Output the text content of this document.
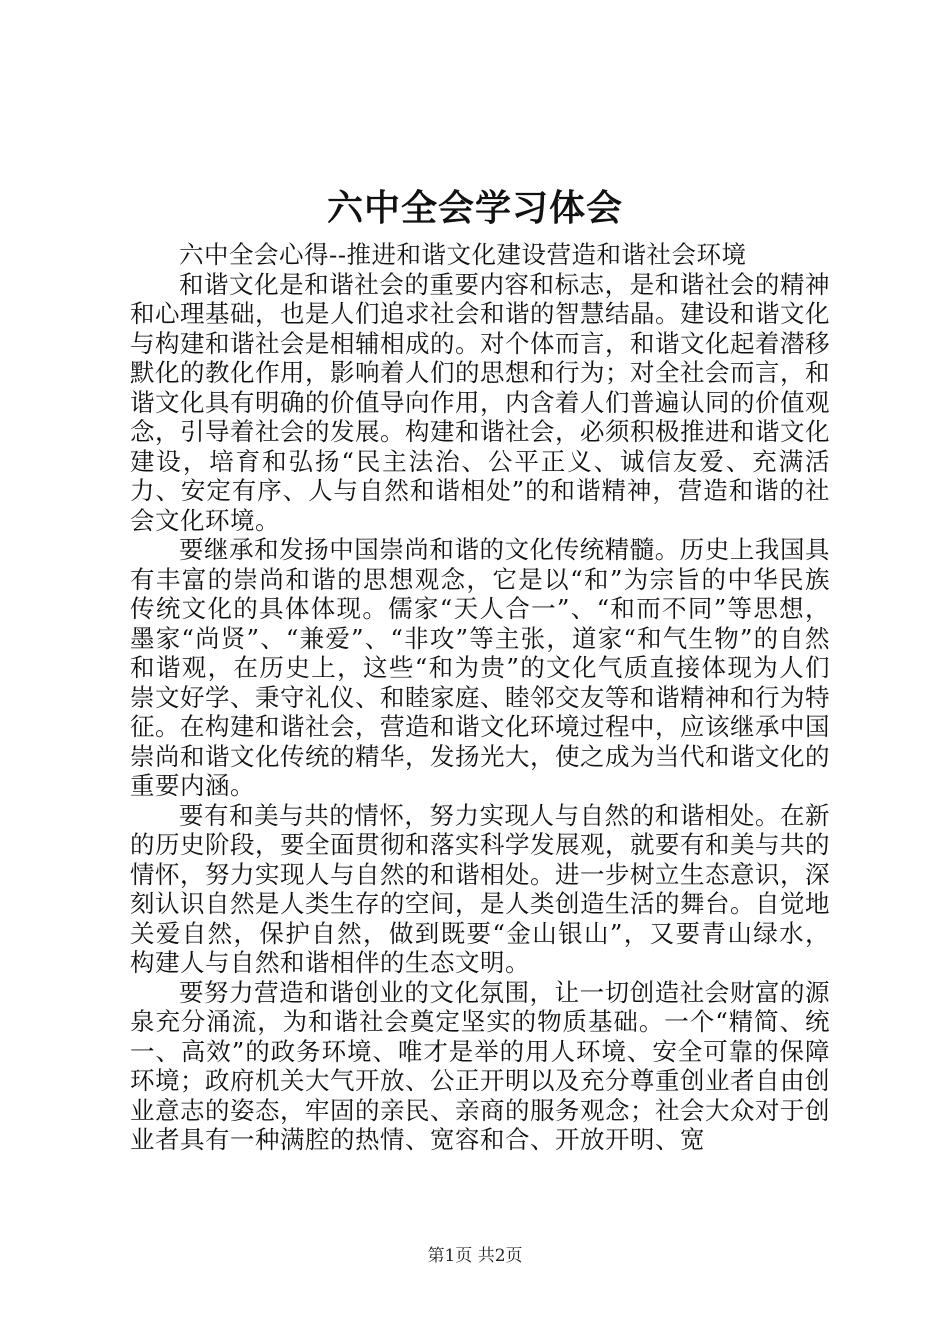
六中全会学习体会

六中全会心得--推进和谐文化建设营造和谐社会环境

和谐文化是和谐社会的重要内容和标志，是和谐社会的精神和心理基础，也是人们追求社会和谐的智慧结晶。建设和谐文化与构建和谐社会是相辅相成的。对个体而言，和谐文化起着潜移默化的教化作用，影响着人们的思想和行为；对全社会而言，和谐文化具有明确的价值导向作用，内含着人们普遍认同的价值观念，引导着社会的发展。构建和谐社会，必须积极推进和谐文化建设，培育和弘扬“民主法治、公平正义、诚信友爱、充满活力、安定有序、人与自然和谐相处”的和谐精神，营造和谐的社会文化环境。

要继承和发扬中国崇尚和谐的文化传统精髓。历史上我国具有丰富的崇尚和谐的思想观念，它是以“和”为宗旨的中华民族传统文化的具体体现。儒家“天人合一”、“和而不同”等思想，墨家“尚贤”、“兼爱”、“非攻”等主张，道家“和气生物”的自然和谐观，在历史上，这些“和为贵”的文化气质直接体现为人们崇文好学、秉守礼仪、和睦家庭、睦邻交友等和谐精神和行为特征。在构建和谐社会，营造和谐文化环境过程中，应该继承中国崇尚和谐文化传统的精华，发扬光大，使之成为当代和谐文化的重要内涵。

要有和美与共的情怀，努力实现人与自然的和谐相处。在新的历史阶段，要全面贯彻和落实科学发展观，就要有和美与共的情怀，努力实现人与自然的和谐相处。进一步树立生态意识，深刻认识自然是人类生存的空间，是人类创造生活的舞台。自觉地关爱自然，保护自然，做到既要“金山银山”，又要青山绿水，构建人与自然和谐相伴的生态文明。

要努力营造和谐创业的文化氛围，让一切创造社会财富的源泉充分涌流，为和谐社会奠定坚实的物质基础。一个“精简、统一、高效”的政务环境、唯才是举的用人环境、安全可靠的保障环境；政府机关大气开放、公正开明以及充分尊重创业者自由创业意志的姿态，牢固的亲民、亲商的服务观念；社会大众对于创业者具有一种满腔的热情、宽容和合、开放开明、宽

第1页 共2页
